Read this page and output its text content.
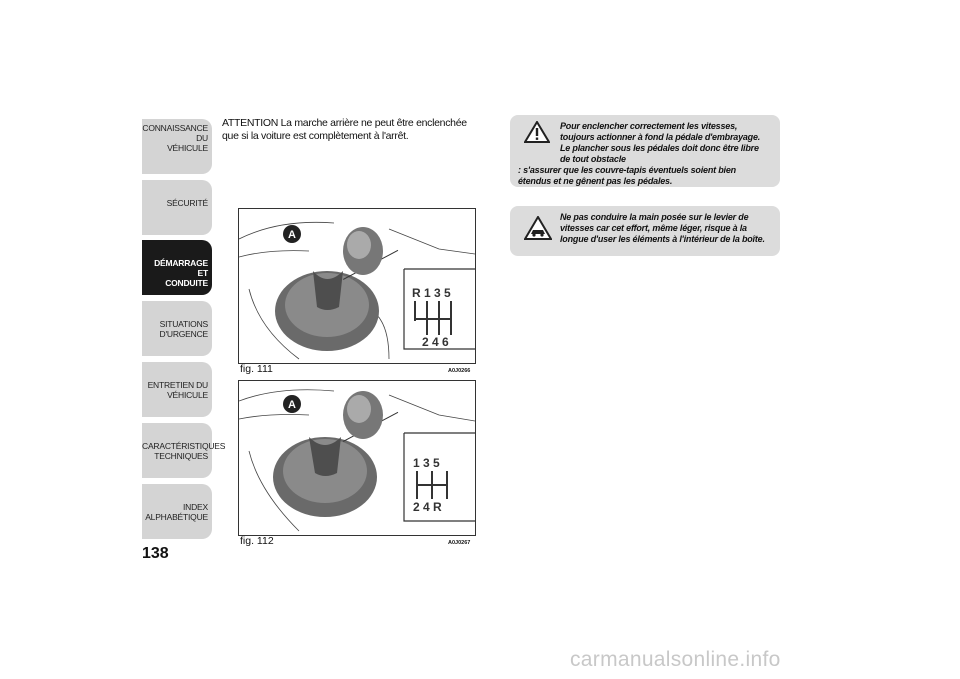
CONNAISSANCE DU
VÉHICULE
SÉCURITÉ
DÉMARRAGE ET
CONDUITE
SITUATIONS
D'URGENCE
ENTRETIEN DU
VÉHICULE
CARACTÉRISTIQUES
TECHNIQUES
INDEX
ALPHABÉTIQUE
138
ATTENTION La marche arrière ne peut être enclenchée que si la voiture est complètement à l'arrêt.
A
R 1 3 5
2 4 6
fig. 111	A0J0266
A
1 3 5
2 4 R
fig. 112	A0J0267
Pour enclencher correctement les vitesses, toujours actionner à fond la pédale d'embrayage. Le plancher sous les pédales doit donc être libre de tout obstacle
: s'assurer que les couvre-tapis éventuels soient bien étendus et ne gênent pas les pédales.
Ne pas conduire la main posée sur le levier de vitesses car cet effort, même léger, risque à la longue d'user les éléments à l'intérieur de la boîte.
carmanualsonline.info
